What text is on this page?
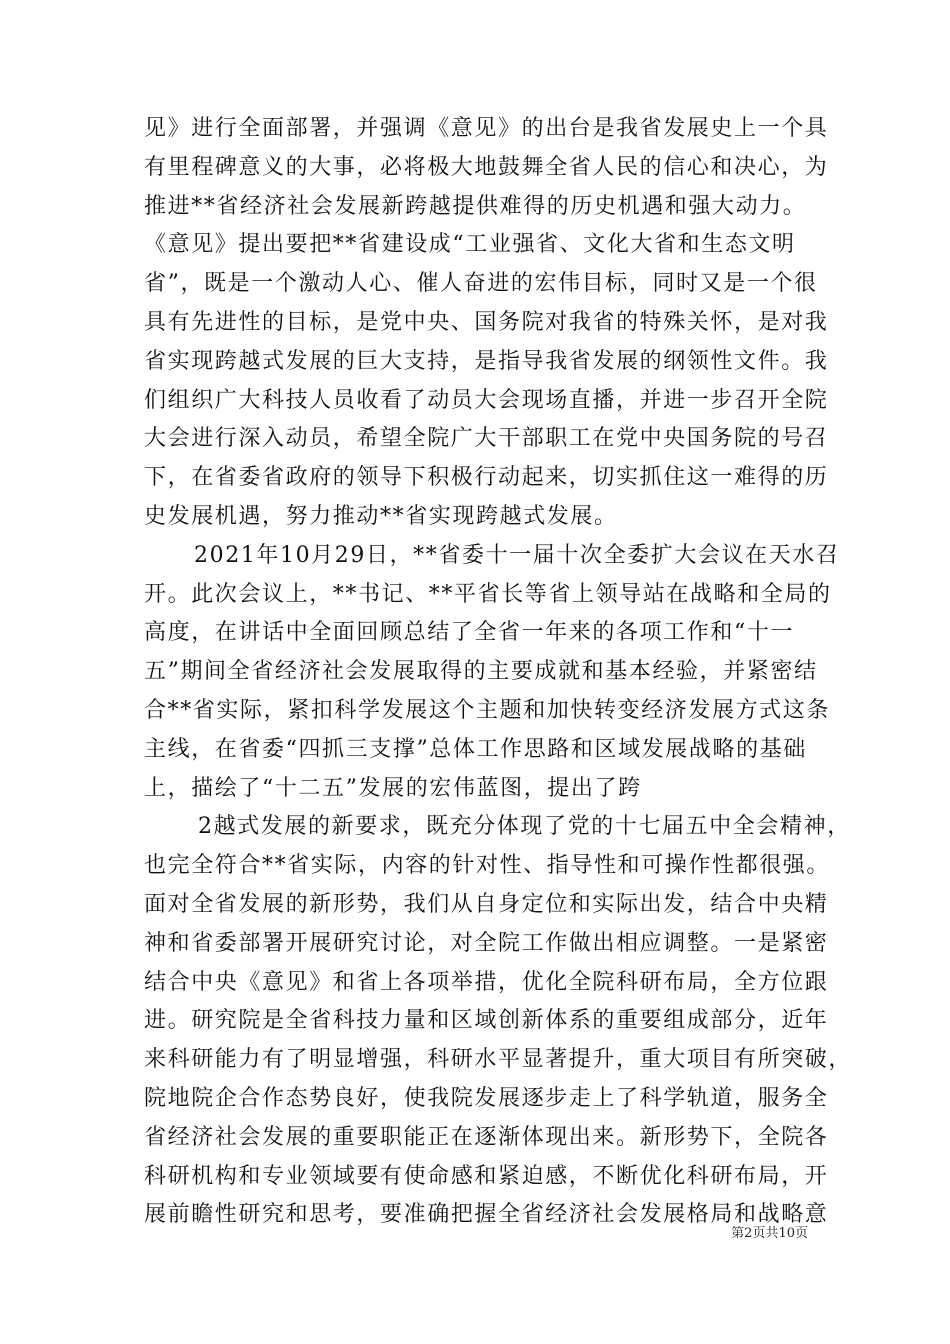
见》进行全面部署，并强调《意见》的出台是我省发展史上一个具
有里程碑意义的大事，必将极大地鼓舞全省人民的信心和决心，为
推进**省经济社会发展新跨越提供难得的历史机遇和强大动力。
《意见》提出要把**省建设成“工业强省、文化大省和生态文明
省”，既是一个激动人心、催人奋进的宏伟目标，同时又是一个很
具有先进性的目标，是党中央、国务院对我省的特殊关怀，是对我
省实现跨越式发展的巨大支持，是指导我省发展的纲领性文件。我
们组织广大科技人员收看了动员大会现场直播，并进一步召开全院
大会进行深入动员，希望全院广大干部职工在党中央国务院的号召
下，在省委省政府的领导下积极行动起来，切实抓住这一难得的历
史发展机遇，努力推动**省实现跨越式发展。
2021年10月29日，**省委十一届十次全委扩大会议在天水召
开。此次会议上，**书记、**平省长等省上领导站在战略和全局的
高度，在讲话中全面回顾总结了全省一年来的各项工作和“十一
五”期间全省经济社会发展取得的主要成就和基本经验，并紧密结
合**省实际，紧扣科学发展这个主题和加快转变经济发展方式这条
主线，在省委“四抓三支撑”总体工作思路和区域发展战略的基础
上，描绘了“十二五”发展的宏伟蓝图，提出了跨
2越式发展的新要求，既充分体现了党的十七届五中全会精神，
也完全符合**省实际，内容的针对性、指导性和可操作性都很强。
面对全省发展的新形势，我们从自身定位和实际出发，结合中央精
神和省委部署开展研究讨论，对全院工作做出相应调整。一是紧密
结合中央《意见》和省上各项举措，优化全院科研布局，全方位跟
进。研究院是全省科技力量和区域创新体系的重要组成部分，近年
来科研能力有了明显增强，科研水平显著提升，重大项目有所突破，
院地院企合作态势良好，使我院发展逐步走上了科学轨道，服务全
省经济社会发展的重要职能正在逐渐体现出来。新形势下，全院各
科研机构和专业领域要有使命感和紧迫感，不断优化科研布局，开
展前瞻性研究和思考，要准确把握全省经济社会发展格局和战略意
第2页共10页
